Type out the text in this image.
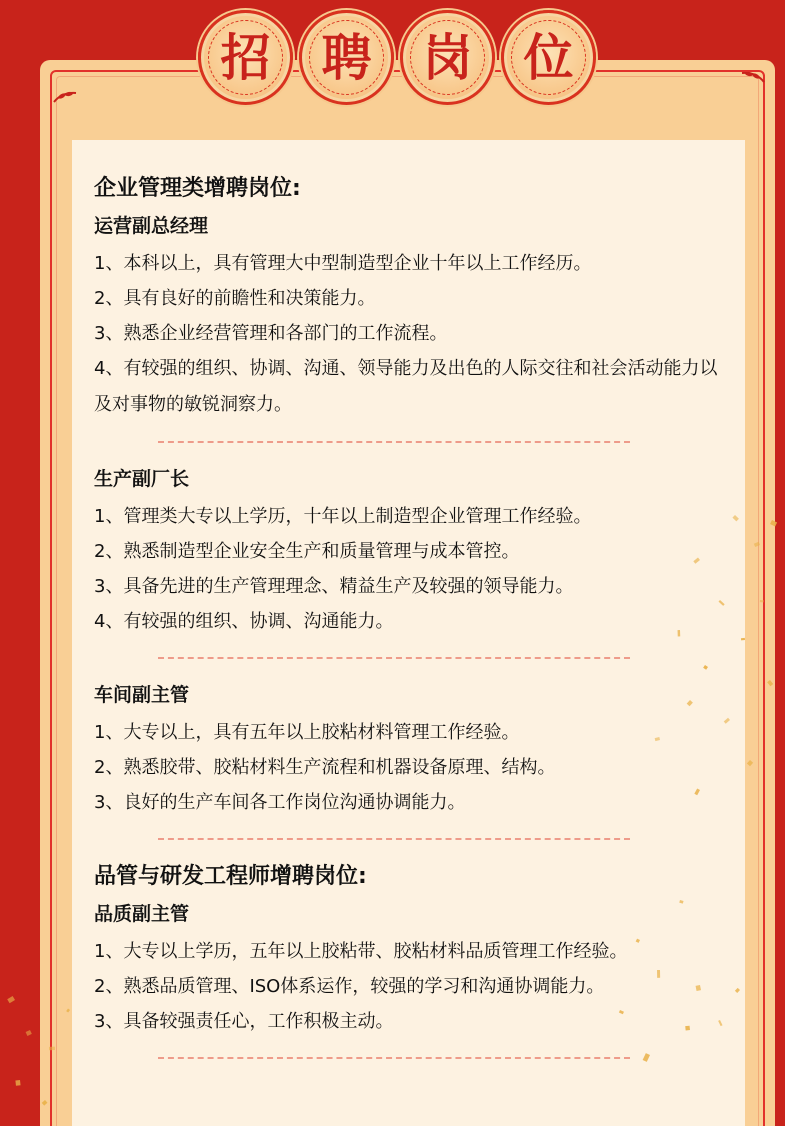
招 聘 岗 位
企业管理类增聘岗位:
运营副总经理
1、本科以上，具有管理大中型制造型企业十年以上工作经历。
2、具有良好的前瞻性和决策能力。
3、熟悉企业经营管理和各部门的工作流程。
4、有较强的组织、协调、沟通、领导能力及出色的人际交往和社会活动能力以及对事物的敏锐洞察力。
生产副厂长
1、管理类大专以上学历，十年以上制造型企业管理工作经验。
2、熟悉制造型企业安全生产和质量管理与成本管控。
3、具备先进的生产管理理念、精益生产及较强的领导能力。
4、有较强的组织、协调、沟通能力。
车间副主管
1、大专以上，具有五年以上胶粘材料管理工作经验。
2、熟悉胶带、胶粘材料生产流程和机器设备原理、结构。
3、良好的生产车间各工作岗位沟通协调能力。
品管与研发工程师增聘岗位:
品质副主管
1、大专以上学历，五年以上胶粘带、胶粘材料品质管理工作经验。
2、熟悉品质管理、ISO体系运作，较强的学习和沟通协调能力。
3、具备较强责任心，工作积极主动。
